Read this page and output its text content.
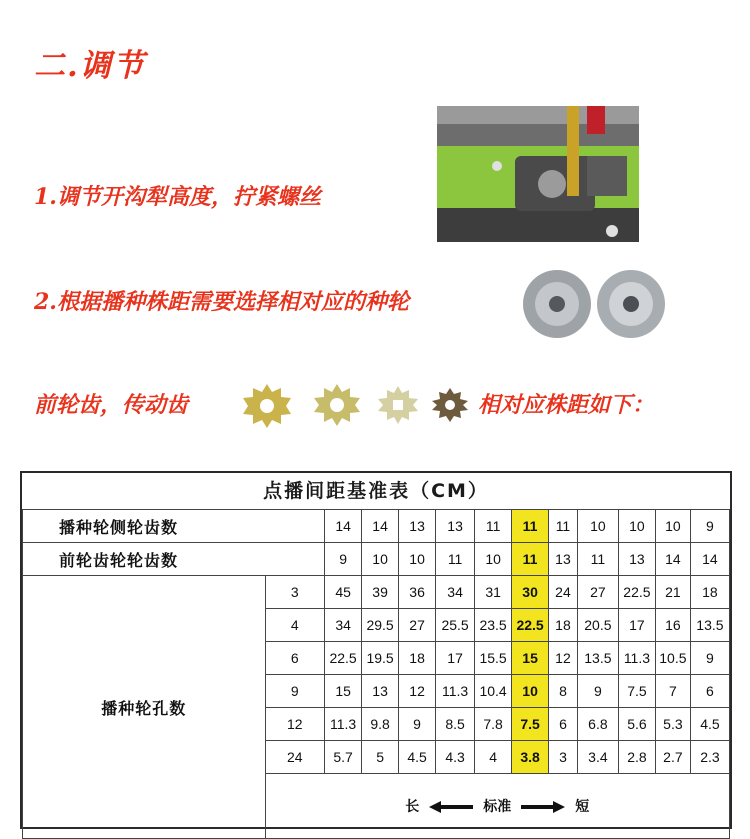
二.调节
1.调节开沟犁高度，拧紧螺丝
2.根据播种株距需要选择相对应的种轮
前轮齿，传动齿	相对应株距如下：
点播间距基准表（CM）
播种轮侧轮齿数		14	14	13	13	11	11	11	10	10	10	9
前轮齿轮轮齿数		9	10	10	11	10	11	13	11	13	14	14
播种轮孔数	3	45	39	36	34	31	30	24	27	22.5	21	18
	4	34	29.5	27	25.5	23.5	22.5	18	20.5	17	16	13.5
	6	22.5	19.5	18	17	15.5	15	12	13.5	11.3	10.5	9
	9	15	13	12	11.3	10.4	10	8	9	7.5	7	6
	12	11.3	9.8	9	8.5	7.8	7.5	6	6.8	5.6	5.3	4.5
	24	5.7	5	4.5	4.3	4	3.8	3	3.4	2.8	2.7	2.3
	长 标准 短											
